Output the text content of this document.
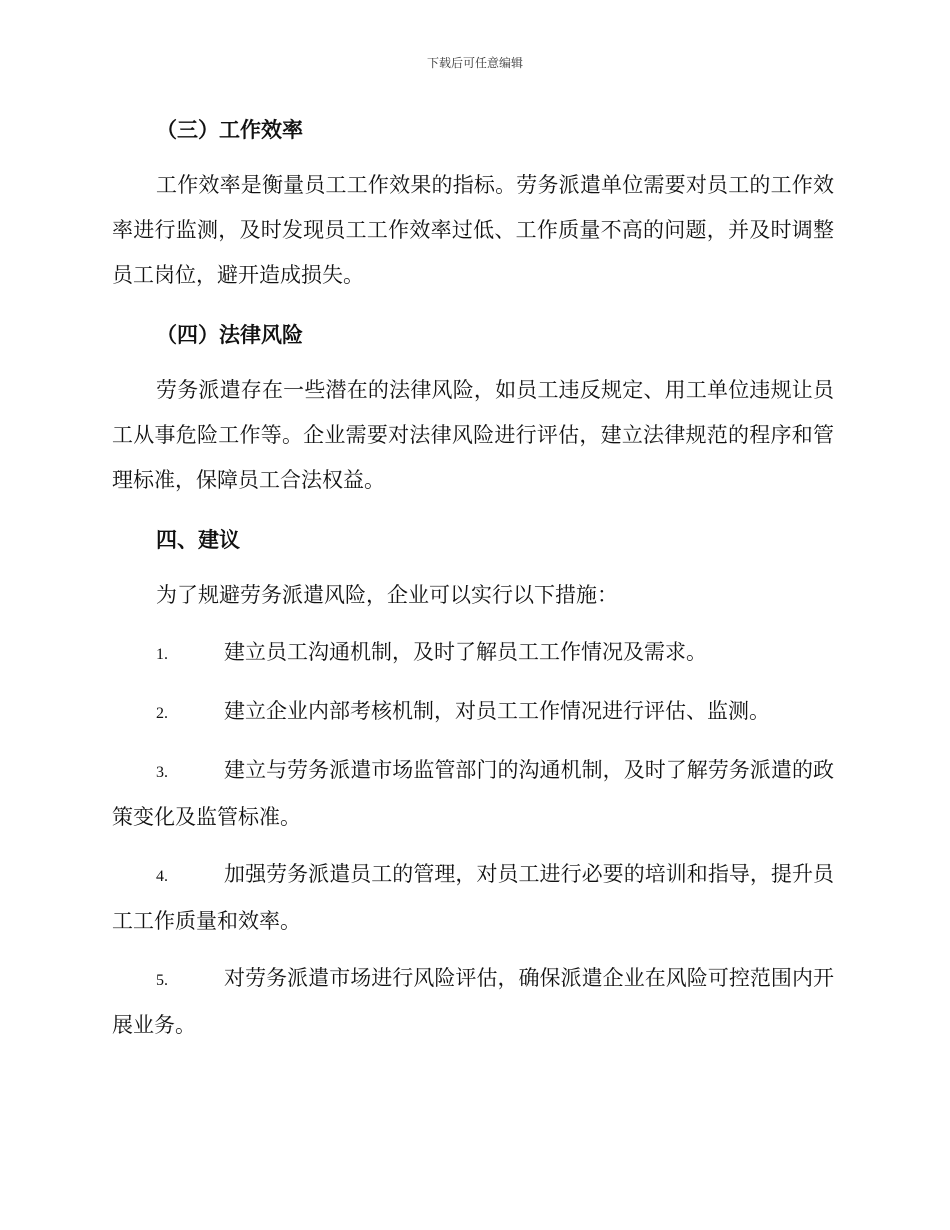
下载后可任意编辑
（三）工作效率

工作效率是衡量员工工作效果的指标。劳务派遣单位需要对员工的工作效率进行监测，及时发现员工工作效率过低、工作质量不高的问题，并及时调整员工岗位，避开造成损失。

（四）法律风险

劳务派遣存在一些潜在的法律风险，如员工违反规定、用工单位违规让员工从事危险工作等。企业需要对法律风险进行评估，建立法律规范的程序和管理标准，保障员工合法权益。

四、建议

为了规避劳务派遣风险，企业可以实行以下措施：

1.	建立员工沟通机制，及时了解员工工作情况及需求。

2.	建立企业内部考核机制，对员工工作情况进行评估、监测。

3.	建立与劳务派遣市场监管部门的沟通机制，及时了解劳务派遣的政策变化及监管标准。

4.	加强劳务派遣员工的管理，对员工进行必要的培训和指导，提升员工工作质量和效率。

5.	对劳务派遣市场进行风险评估，确保派遣企业在风险可控范围内开展业务。
